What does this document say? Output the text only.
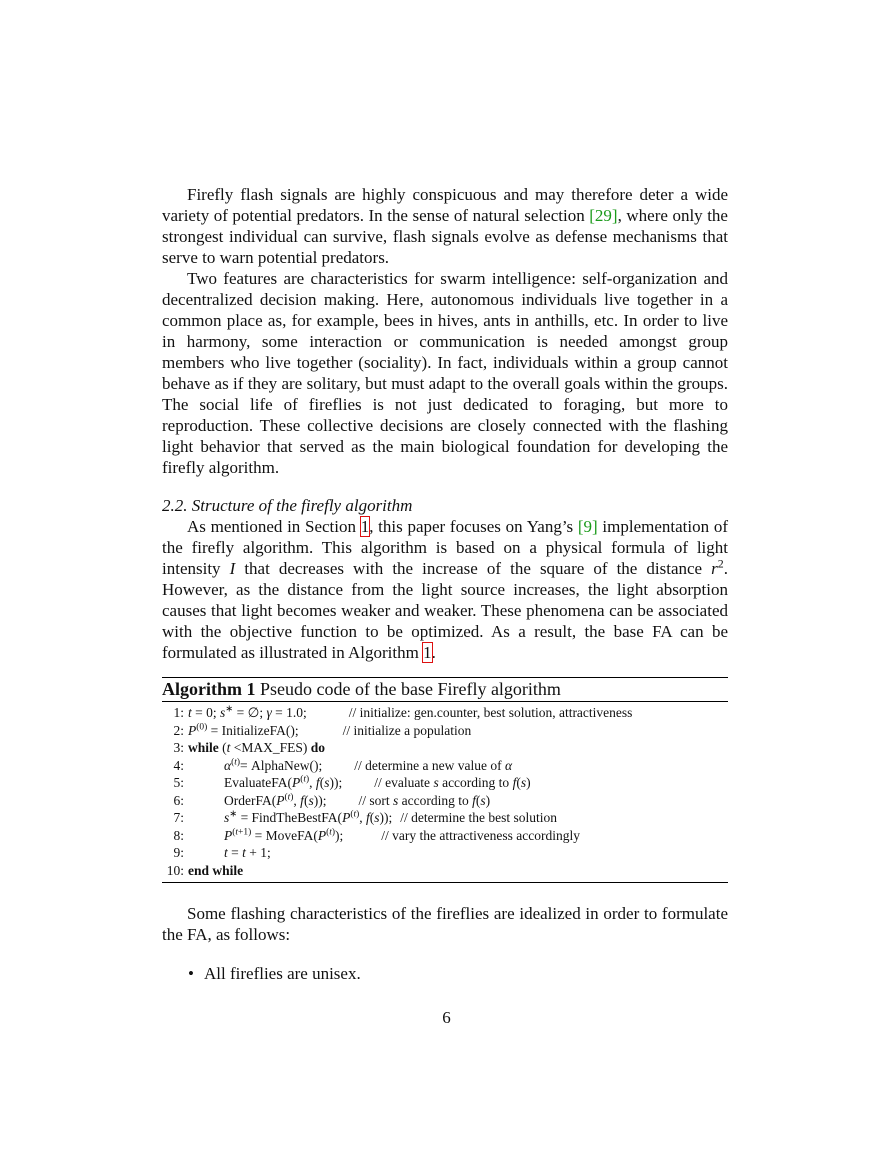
Firefly flash signals are highly conspicuous and may therefore deter a wide variety of potential predators. In the sense of natural selection [29], where only the strongest individual can survive, flash signals evolve as defense mechanisms that serve to warn potential predators.

Two features are characteristics for swarm intelligence: self-organization and decentralized decision making. Here, autonomous individuals live together in a common place as, for example, bees in hives, ants in anthills, etc. In order to live in harmony, some interaction or communication is needed amongst group members who live together (sociality). In fact, individuals within a group cannot behave as if they are solitary, but must adapt to the overall goals within the groups. The social life of fireflies is not just dedicated to foraging, but more to reproduction. These collective decisions are closely connected with the flashing light behavior that served as the main biological foundation for developing the firefly algorithm.

2.2. Structure of the firefly algorithm

As mentioned in Section 1, this paper focuses on Yang’s [9] implementation of the firefly algorithm. This algorithm is based on a physical formula of light intensity I that decreases with the increase of the square of the distance $r^2$. However, as the distance from the light source increases, the light absorption causes that light becomes weaker and weaker. These phenomena can be associated with the objective function to be optimized. As a result, the base FA can be formulated as illustrated in Algorithm 1.

Algorithm 1 Pseudo code of the base Firefly algorithm
1: t = 0; s∗ = ∅; γ = 1.0;	// initialize: gen.counter, best solution, attractiveness
2: $P^{(0)}$ = InitializeFA();	// initialize a population
3: while (t <MAX_FES) do
4:	$\alpha^{(t)}=$ AlphaNew(); // determine a new value of α
5:	$EvaluateFA(P^{(t)}$, f(s)); // evaluate s according to f(s)
6:	$OrderFA(P^{(t)}$, f(s)); // sort s according to f(s)
7:	$s^∗ = FindTheBestFA(P^{(t)}$, f(s)); // determine the best solution
8:	$P^{(t+1)}$ = $MoveFA(P^{(t)})$;	// vary the attractiveness accordingly
9:	t = t + 1;
10: end while

Some flashing characteristics of the fireflies are idealized in order to formulate the FA, as follows:

• All fireflies are unisex.
6
